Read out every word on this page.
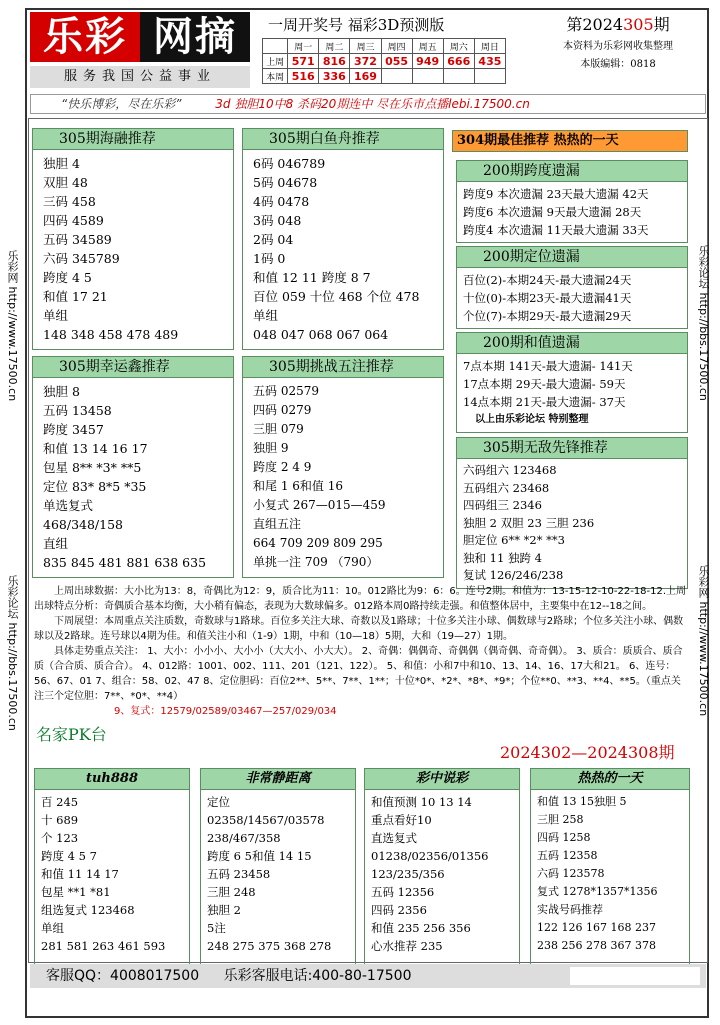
乐彩 网摘
服务我国公益事业
一周开奖号 福彩3D预测版
	周一	周二	周三	周四	周五	周六	周日
上周	571	816	372	055	949	666	435
本周	516	336	169				
第2024305期
本资料为乐彩网收集整理
本版编辑：0818
“快乐博彩，尽在乐彩”	3d 独胆10中8 杀码20期连中 尽在乐市点播lebi.17500.cn
乐彩网 http://www.17500.cn
乐彩论坛 http://bbs.17500.cn
乐彩论坛 http://bbs.17500.cn
乐彩网 http://www.17500.cn
305期海融推荐
独胆 4
双胆 48
三码 458
四码 4589
五码 34589
六码 345789
跨度 4 5
和值 17 21
单组
148 348 458 478 489
305期白鱼舟推荐
6码 046789
5码 04678
4码 0478
3码 048
2码 04
1码 0
和值 12 11 跨度 8 7
百位 059 十位 468 个位 478
单组
048 047 068 067 064
305期幸运鑫推荐
独胆 8
五码 13458
跨度 3457
和值 13 14 16 17
包星 8** *3* **5
定位 83* 8*5 *35
单选复式
468/348/158
直组
835 845 481 881 638 635
305期挑战五注推荐
五码 02579
四码 0279
三胆 079
独胆 9
跨度 2 4 9
和尾 1 6和值 16
小复式 267—015—459
直组五注
664 709 209 809 295
单挑一注 709 （790）
304期最佳推荐 热热的一天
200期跨度遗漏
跨度9 本次遗漏 23天最大遗漏 42天
跨度6 本次遗漏 9天最大遗漏 28天
跨度4 本次遗漏 11天最大遗漏 33天
200期定位遗漏
百位(2)-本期24天-最大遗漏24天
十位(0)-本期23天-最大遗漏41天
个位(7)-本期29天-最大遗漏29天
200期和值遗漏
7点本期 141天-最大遗漏- 141天
17点本期 29天-最大遗漏- 59天
14点本期 21天-最大遗漏- 37天
以上由乐彩论坛 特别整理
305期无敌先锋推荐
六码组六 123468
五码组六 23468
四码组三 2346
独胆 2 双胆 23 三胆 236
胆定位 6** *2* **3
独和 11 独跨 4
复试 126/246/238
上周出球数据：大小比为13：8，奇偶比为12：9，质合比为11：10。012路比为9：6：6。连号2期。和值为：13-15-12-10-22-18-12.上周出球特点分析：奇偶质合基本均衡，大小稍有偏态，表现为大数球偏多。012路本周0路持续走强。和值整体居中，主要集中在12--18之间。
下周展望：本周重点关注质数，奇数球与1路球。百位多关注大球、奇数以及1路球；十位多关注小球、偶数球与2路球；个位多关注小球、偶数球以及2路球。连号球以4期为佳。和值关注小和（1-9）1期，中和（10—18）5期，大和（19—27）1期。
具体走势重点关注： 1、大小：小小小、大小小（大大小、小大大）。 2、奇偶：偶偶奇、奇偶偶（偶奇偶、奇奇偶）。 3、质合：质质合、质合质（合合质、质合合）。 4、012路：1001、002、111、201（121、122）。 5、和值：小和7中和10、13、14、16、17大和21。 6、连号：56、67、01 7、组合：58、02、47 8、定位胆码：百位2**、5**、7**、1**；十位*0*、*2*、*8*、*9*；个位**0、**3、**4、**5。（重点关注三个定位胆：7**、*0*、**4）
9、复式：12579/02589/03467—257/029/034
名家PK台
2024302—2024308期
tuh888
百 245
十 689
个 123
跨度 4 5 7
和值 11 14 17
包星 **1 *81
组选复式 123468
单组
281 581 263 461 593
非常静距离
定位
02358/14567/03578
238/467/358
跨度 6 5和值 14 15
五码 23458
三胆 248
独胆 2
5注
248 275 375 368 278
彩中说彩
和值预测 10 13 14
重点看好10
直选复式
01238/02356/01356
123/235/356
五码 12356
四码 2356
和值 235 256 356
心水推荐 235
热热的一天
和值 13 15独胆 5
三胆 258
四码 1258
五码 12358
六码 123578
复式 1278*1357*1356
实战号码推荐
122 126 167 168 237
238 256 278 367 378
客服QQ：4008017500 乐彩客服电话:400-80-17500
